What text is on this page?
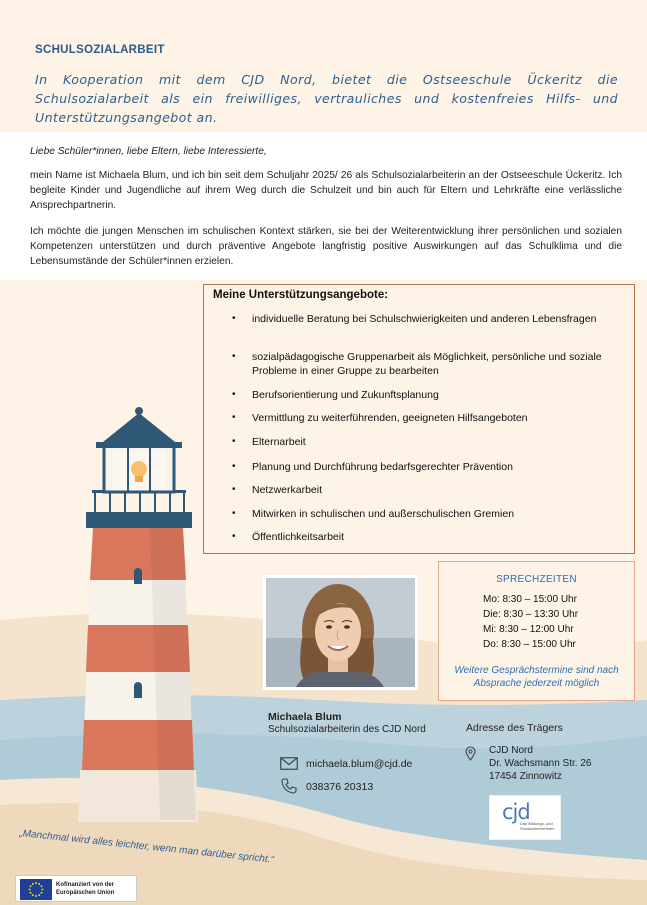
SCHULSOZIALARBEIT
In Kooperation mit dem CJD Nord, bietet die Ostseeschule Ückeritz die Schulsozialarbeit als ein freiwilliges, vertrauliches und kostenfreies Hilfs- und Unterstützungsangebot an.
Liebe Schüler*innen, liebe Eltern, liebe Interessierte,
mein Name ist Michaela Blum, und ich bin seit dem Schuljahr 2025/ 26 als Schulsozialarbeiterin an der Ostseeschule Ückeritz. Ich begleite Kinder und Jugendliche auf ihrem Weg durch die Schulzeit und bin auch für Eltern und Lehrkräfte eine verlässliche Ansprechpartnerin.
Ich möchte die jungen Menschen im schulischen Kontext stärken, sie bei der Weiterentwicklung ihrer persönlichen und sozialen Kompetenzen unterstützen und durch präventive Angebote langfristig positive Auswirkungen auf das Schulklima und die Lebensumstände der Schüler*innen erzielen.
Meine Unterstützungsangebote:
• individuelle Beratung bei Schulschwierigkeiten und anderen Lebensfragen
• sozialpädagogische Gruppenarbeit als Möglichkeit, persönliche und soziale Probleme in einer Gruppe zu bearbeiten
• Berufsorientierung und Zukunftsplanung
• Vermittlung zu weiterführenden, geeigneten Hilfsangeboten
• Elternarbeit
• Planung und Durchführung bedarfsgerechter Prävention
• Netzwerkarbeit
• Mitwirken in schulischen und außerschulischen Gremien
• Öffentlichkeitsarbeit
SPRECHZEITEN
Mo: 8:30 – 15:00 Uhr
Die: 8:30 – 13:30 Uhr
Mi: 8:30 – 12:00 Uhr
Do: 8:30 – 15:00 Uhr
Weitere Gesprächstermine sind nach
Absprache jederzeit möglich
Michaela Blum
Schulsozialarbeiterin des CJD Nord
michaela.blum@cjd.de
038376 20313
Adresse des Trägers
CJD Nord
Dr. Wachsmann Str. 26
17454 Zinnowitz
cjd
Das Bildungs- und Sozialunternehmen
„Manchmal wird alles leichter, wenn man darüber spricht.“
Kofinanziert von der
Europäischen Union
